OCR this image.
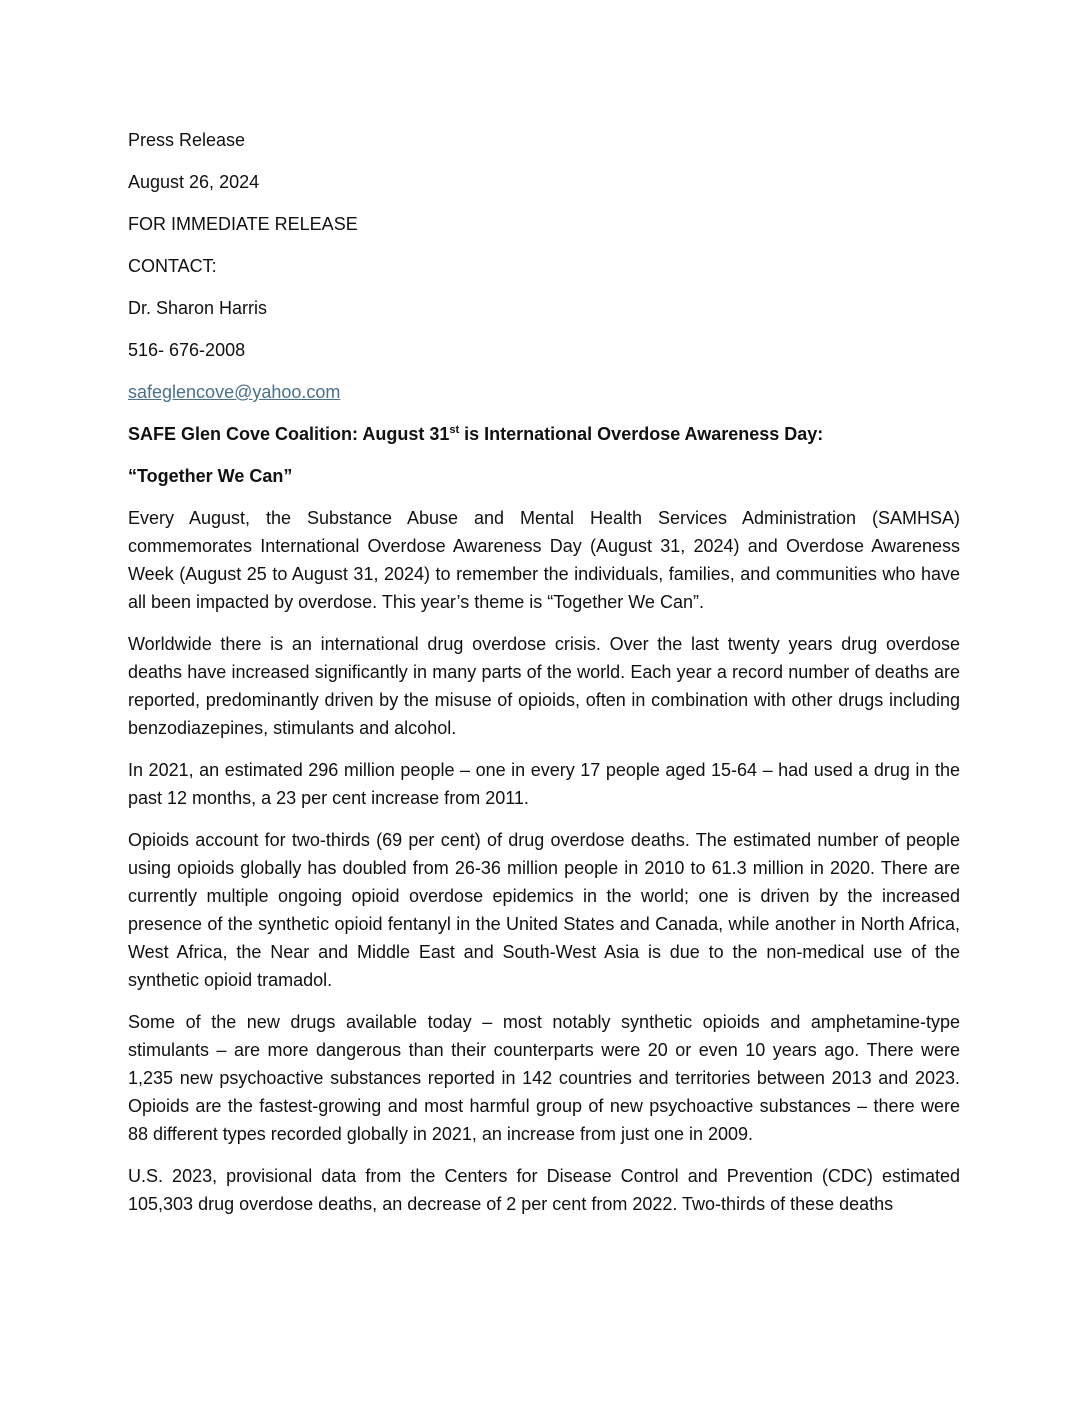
Press Release
August 26, 2024
FOR IMMEDIATE RELEASE
CONTACT:
Dr. Sharon Harris
516- 676-2008
safeglencove@yahoo.com
SAFE Glen Cove Coalition: August 31st is International Overdose Awareness Day:
“Together We Can”

Every August, the Substance Abuse and Mental Health Services Administration (SAMHSA) commemorates International Overdose Awareness Day (August 31, 2024) and Overdose Awareness Week (August 25 to August 31, 2024) to remember the individuals, families, and communities who have all been impacted by overdose. This year’s theme is “Together We Can”.

Worldwide there is an international drug overdose crisis. Over the last twenty years drug overdose deaths have increased significantly in many parts of the world. Each year a record number of deaths are reported, predominantly driven by the misuse of opioids, often in combination with other drugs including benzodiazepines, stimulants and alcohol.

In 2021, an estimated 296 million people – one in every 17 people aged 15-64 – had used a drug in the past 12 months, a 23 per cent increase from 2011.

Opioids account for two-thirds (69 per cent) of drug overdose deaths. The estimated number of people using opioids globally has doubled from 26-36 million people in 2010 to 61.3 million in 2020. There are currently multiple ongoing opioid overdose epidemics in the world; one is driven by the increased presence of the synthetic opioid fentanyl in the United States and Canada, while another in North Africa, West Africa, the Near and Middle East and South-West Asia is due to the non-medical use of the synthetic opioid tramadol.

Some of the new drugs available today – most notably synthetic opioids and amphetamine-type stimulants – are more dangerous than their counterparts were 20 or even 10 years ago. There were 1,235 new psychoactive substances reported in 142 countries and territories between 2013 and 2023. Opioids are the fastest-growing and most harmful group of new psychoactive substances – there were 88 different types recorded globally in 2021, an increase from just one in 2009.

U.S. 2023, provisional data from the Centers for Disease Control and Prevention (CDC) estimated 105,303 drug overdose deaths, an decrease of 2 per cent from 2022. Two-thirds of these deaths
